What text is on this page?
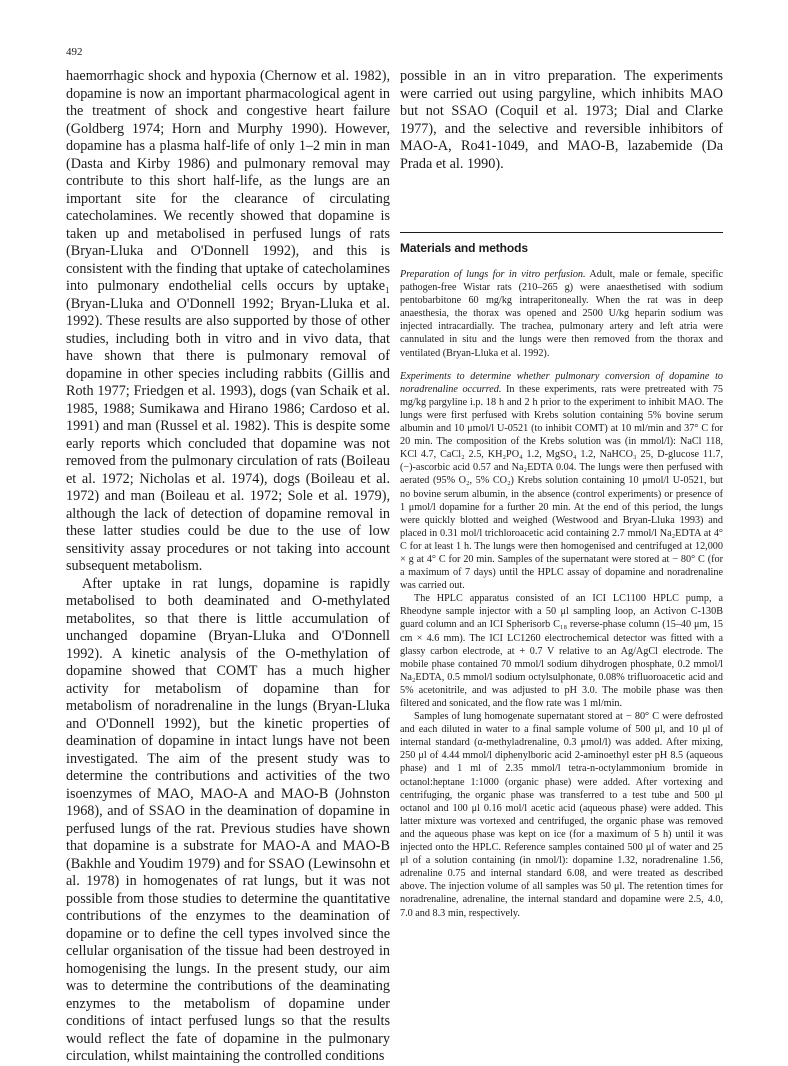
492

haemorrhagic shock and hypoxia (Chernow et al. 1982), dopamine is now an important pharmacological agent in the treatment of shock and congestive heart failure (Goldberg 1974; Horn and Murphy 1990). However, dopamine has a plasma half-life of only 1–2 min in man (Dasta and Kirby 1986) and pulmonary removal may contribute to this short half-life, as the lungs are an important site for the clearance of circulating catecholamines. We recently showed that dopamine is taken up and metabolised in perfused lungs of rats (Bryan-Lluka and O'Donnell 1992), and this is consistent with the finding that uptake of catecholamines into pulmonary endothelial cells occurs by uptake₁ (Bryan-Lluka and O'Donnell 1992; Bryan-Lluka et al. 1992). These results are also supported by those of other studies, including both in vitro and in vivo data, that have shown that there is pulmonary removal of dopamine in other species including rabbits (Gillis and Roth 1977; Friedgen et al. 1993), dogs (van Schaik et al. 1985, 1988; Sumikawa and Hirano 1986; Cardoso et al. 1991) and man (Russel et al. 1982). This is despite some early reports which concluded that dopamine was not removed from the pulmonary circulation of rats (Boileau et al. 1972; Nicholas et al. 1974), dogs (Boileau et al. 1972) and man (Boileau et al. 1972; Sole et al. 1979), although the lack of detection of dopamine removal in these latter studies could be due to the use of low sensitivity assay procedures or not taking into account subsequent metabolism.

After uptake in rat lungs, dopamine is rapidly metabolised to both deaminated and O-methylated metabolites, so that there is little accumulation of unchanged dopamine (Bryan-Lluka and O'Donnell 1992). A kinetic analysis of the O-methylation of dopamine showed that COMT has a much higher activity for metabolism of dopamine than for metabolism of noradrenaline in the lungs (Bryan-Lluka and O'Donnell 1992), but the kinetic properties of deamination of dopamine in intact lungs have not been investigated. The aim of the present study was to determine the contributions and activities of the two isoenzymes of MAO, MAO-A and MAO-B (Johnston 1968), and of SSAO in the deamination of dopamine in perfused lungs of the rat. Previous studies have shown that dopamine is a substrate for MAO-A and MAO-B (Bakhle and Youdim 1979) and for SSAO (Lewinsohn et al. 1978) in homogenates of rat lungs, but it was not possible from those studies to determine the quantitative contributions of the enzymes to the deamination of dopamine or to define the cell types involved since the cellular organisation of the tissue had been destroyed in homogenising the lungs. In the present study, our aim was to determine the contributions of the deaminating enzymes to the metabolism of dopamine under conditions of intact perfused lungs so that the results would reflect the fate of dopamine in the pulmonary circulation, whilst maintaining the controlled conditions

possible in an in vitro preparation. The experiments were carried out using pargyline, which inhibits MAO but not SSAO (Coquil et al. 1973; Dial and Clarke 1977), and the selective and reversible inhibitors of MAO-A, Ro41-1049, and MAO-B, lazabemide (Da Prada et al. 1990).

Materials and methods

Preparation of lungs for in vitro perfusion. Adult, male or female, specific pathogen-free Wistar rats (210–265 g) were anaesthetised with sodium pentobarbitone 60 mg/kg intraperitoneally. When the rat was in deep anaesthesia, the thorax was opened and 2500 U/kg heparin sodium was injected intracardially. The trachea, pulmonary artery and left atria were cannulated in situ and the lungs were then removed from the thorax and ventilated (Bryan-Lluka et al. 1992).

Experiments to determine whether pulmonary conversion of dopamine to noradrenaline occurred. In these experiments, rats were pretreated with 75 mg/kg pargyline i.p. 18 h and 2 h prior to the experiment to inhibit MAO. The lungs were first perfused with Krebs solution containing 5% bovine serum albumin and 10 μmol/l U-0521 (to inhibit COMT) at 10 ml/min and 37° C for 20 min. The composition of the Krebs solution was (in mmol/l): NaCl 118, KCl 4.7, CaCl₂ 2.5, KH₂PO₄ 1.2, MgSO₄ 1.2, NaHCO₃ 25, D-glucose 11.7, (−)-ascorbic acid 0.57 and Na₂EDTA 0.04. The lungs were then perfused with aerated (95% O₂, 5% CO₂) Krebs solution containing 10 μmol/l U-0521, but no bovine serum albumin, in the absence (control experiments) or presence of 1 μmol/l dopamine for a further 20 min. At the end of this period, the lungs were quickly blotted and weighed (Westwood and Bryan-Lluka 1993) and placed in 0.31 mol/l trichloroacetic acid containing 2.7 mmol/l Na₂EDTA at 4° C for at least 1 h. The lungs were then homogenised and centrifuged at 12,000 × g at 4° C for 20 min. Samples of the supernatant were stored at − 80° C (for a maximum of 7 days) until the HPLC assay of dopamine and noradrenaline was carried out.

The HPLC apparatus consisted of an ICI LC1100 HPLC pump, a Rheodyne sample injector with a 50 μl sampling loop, an Activon C-130B guard column and an ICI Spherisorb C₁₈ reverse-phase column (15–40 μm, 15 cm × 4.6 mm). The ICI LC1260 electrochemical detector was fitted with a glassy carbon electrode, at + 0.7 V relative to an Ag/AgCl electrode. The mobile phase contained 70 mmol/l sodium dihydrogen phosphate, 0.2 mmol/l Na₂EDTA, 0.5 mmol/l sodium octylsulphonate, 0.08% trifluoroacetic acid and 5% acetonitrile, and was adjusted to pH 3.0. The mobile phase was then filtered and sonicated, and the flow rate was 1 ml/min.

Samples of lung homogenate supernatant stored at − 80° C were defrosted and each diluted in water to a final sample volume of 500 μl, and 10 μl of internal standard (α-methyladrenaline, 0.3 μmol/l) was added. After mixing, 250 μl of 4.44 mmol/l diphenylboric acid 2-aminoethyl ester pH 8.5 (aqueous phase) and 1 ml of 2.35 mmol/l tetra-n-octylammonium bromide in octanol:heptane 1:1000 (organic phase) were added. After vortexing and centrifuging, the organic phase was transferred to a test tube and 500 μl octanol and 100 μl 0.16 mol/l acetic acid (aqueous phase) were added. This latter mixture was vortexed and centrifuged, the organic phase was removed and the aqueous phase was kept on ice (for a maximum of 5 h) until it was injected onto the HPLC. Reference samples contained 500 μl of water and 25 μl of a solution containing (in nmol/l): dopamine 1.32, noradrenaline 1.56, adrenaline 0.75 and internal standard 6.08, and were treated as described above. The injection volume of all samples was 50 μl. The retention times for noradrenaline, adrenaline, the internal standard and dopamine were 2.5, 4.0, 7.0 and 8.3 min, respectively.
